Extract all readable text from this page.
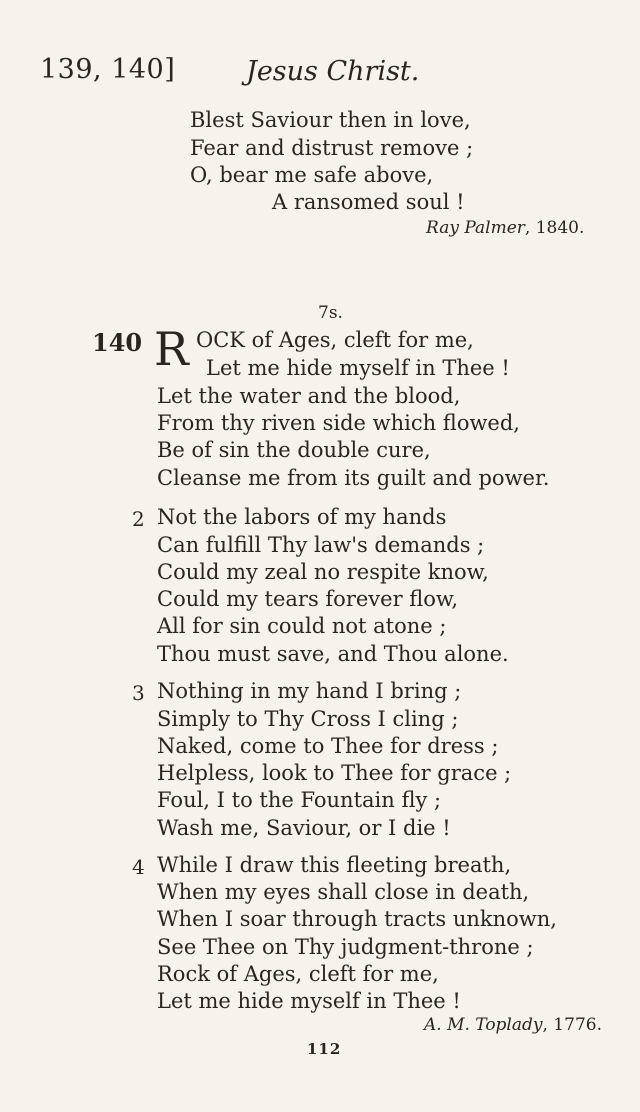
139, 140]	Jesus Christ.
Blest Saviour then in love,
Fear and distrust remove ;
O, bear me safe above,
A ransomed soul !
Ray Palmer, 1840.
7s.
140 R OCK of Ages, cleft for me,
Let me hide myself in Thee !
Let the water and the blood,
From thy riven side which flowed,
Be of sin the double cure,
Cleanse me from its guilt and power.
2 Not the labors of my hands
Can fulfill Thy law's demands ;
Could my zeal no respite know,
Could my tears forever flow,
All for sin could not atone ;
Thou must save, and Thou alone.
3 Nothing in my hand I bring ;
Simply to Thy Cross I cling ;
Naked, come to Thee for dress ;
Helpless, look to Thee for grace ;
Foul, I to the Fountain fly ;
Wash me, Saviour, or I die !
4 While I draw this fleeting breath,
When my eyes shall close in death,
When I soar through tracts unknown,
See Thee on Thy judgment-throne ;
Rock of Ages, cleft for me,
Let me hide myself in Thee !
A. M. Toplady, 1776.
112
